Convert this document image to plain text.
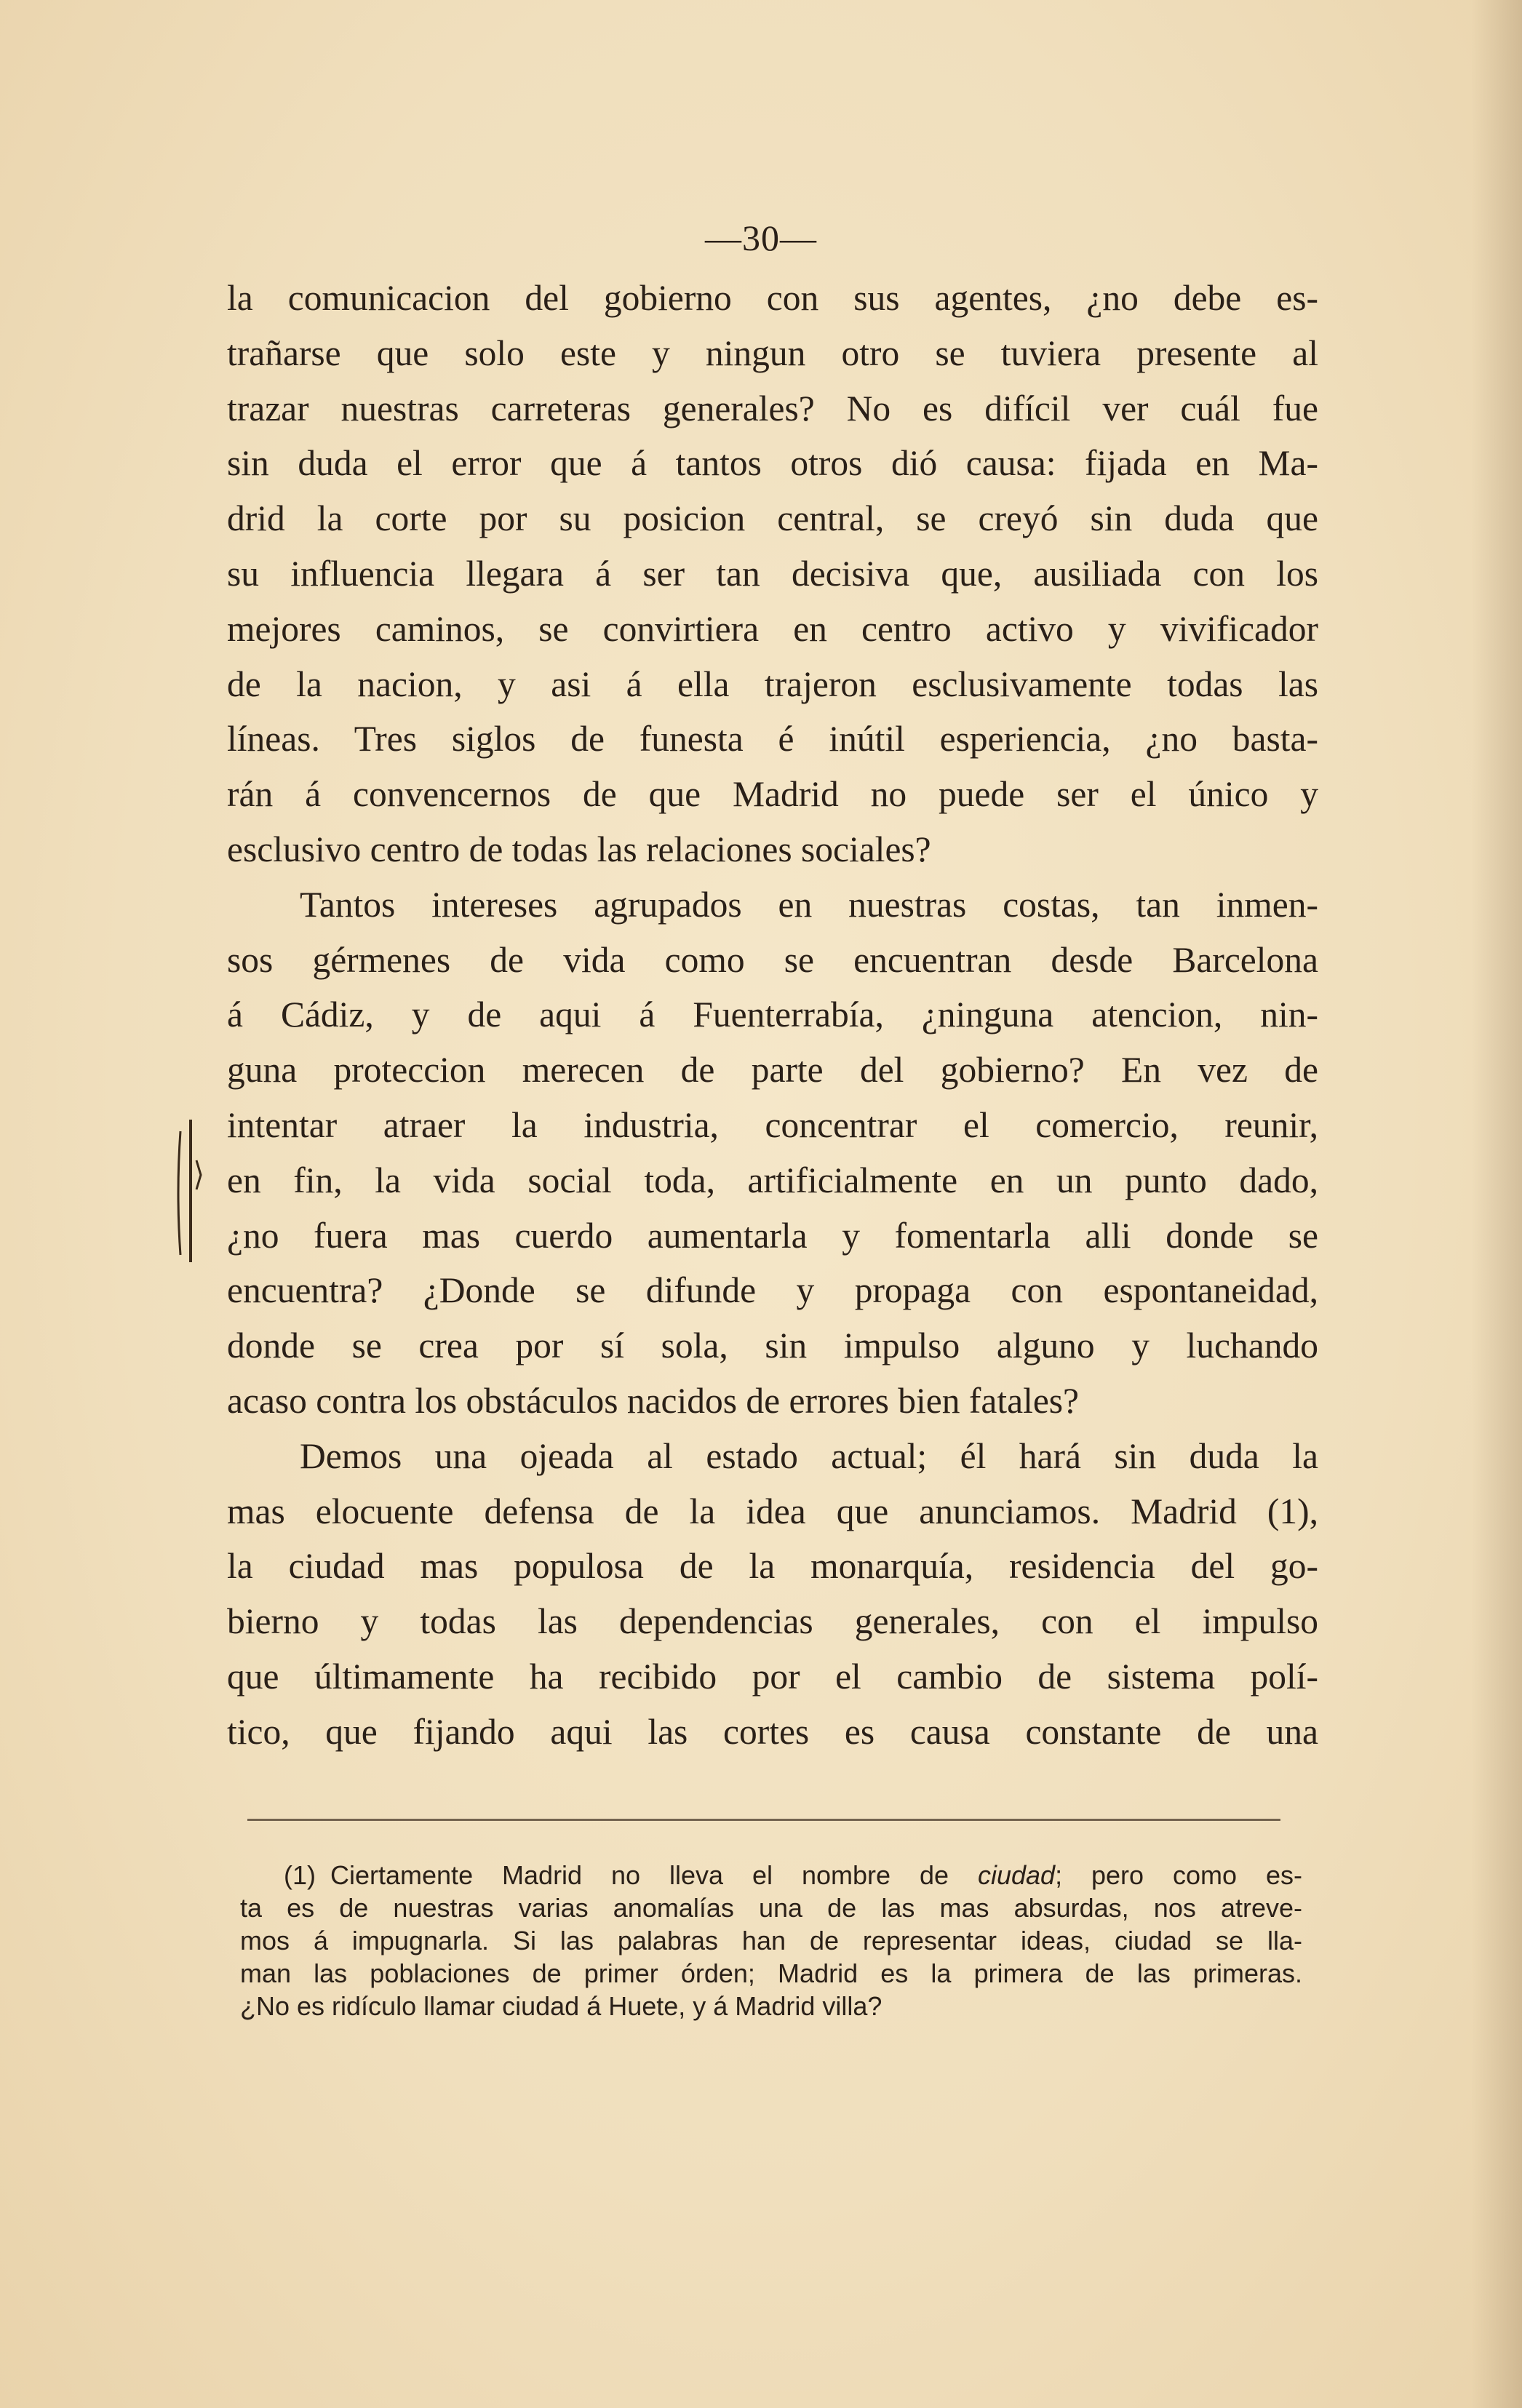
—30—
la comunicacion del gobierno con sus agentes, ¿no debe es-
trañarse que solo este y ningun otro se tuviera presente al
trazar nuestras carreteras generales? No es difícil ver cuál fue
sin duda el error que á tantos otros dió causa: fijada en Ma-
drid la corte por su posicion central, se creyó sin duda que
su influencia llegara á ser tan decisiva que, ausiliada con los
mejores caminos, se convirtiera en centro activo y vivificador
de la nacion, y asi á ella trajeron esclusivamente todas las
líneas. Tres siglos de funesta é inútil esperiencia, ¿no basta-
rán á convencernos de que Madrid no puede ser el único y
esclusivo centro de todas las relaciones sociales?
Tantos intereses agrupados en nuestras costas, tan inmen-
sos gérmenes de vida como se encuentran desde Barcelona
á Cádiz, y de aqui á Fuenterrabía, ¿ninguna atencion, nin-
guna proteccion merecen de parte del gobierno? En vez de
intentar atraer la industria, concentrar el comercio, reunir,
en fin, la vida social toda, artificialmente en un punto dado,
¿no fuera mas cuerdo aumentarla y fomentarla alli donde se
encuentra? ¿Donde se difunde y propaga con espontaneidad,
donde se crea por sí sola, sin impulso alguno y luchando
acaso contra los obstáculos nacidos de errores bien fatales?
Demos una ojeada al estado actual; él hará sin duda la
mas elocuente defensa de la idea que anunciamos. Madrid (1),
la ciudad mas populosa de la monarquía, residencia del go-
bierno y todas las dependencias generales, con el impulso
que últimamente ha recibido por el cambio de sistema polí-
tico, que fijando aqui las cortes es causa constante de una
(1) Ciertamente Madrid no lleva el nombre de ciudad; pero como es-
ta es de nuestras varias anomalías una de las mas absurdas, nos atreve-
mos á impugnarla. Si las palabras han de representar ideas, ciudad se lla-
man las poblaciones de primer órden; Madrid es la primera de las primeras.
¿No es ridículo llamar ciudad á Huete, y á Madrid villa?
